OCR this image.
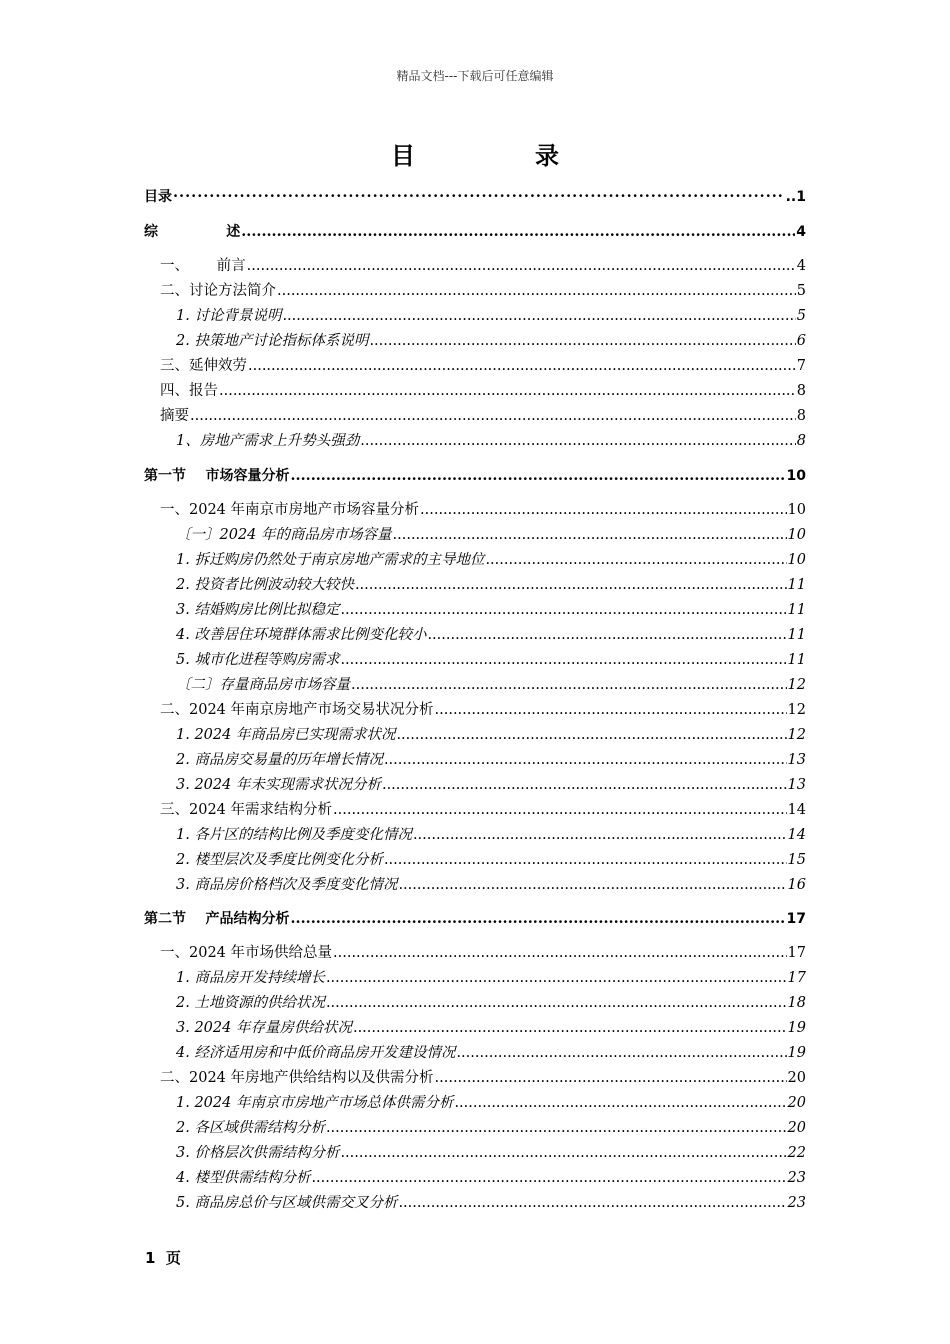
精品文档---下载后可任意编辑
目	录
目录 ·····	..1
综              述 .....	4
一、      前言 .....	4
二、讨论方法简介 .....	5
1. 讨论背景说明 .....	5
2. 抉策地产讨论指标体系说明 .....	6
三、延伸效劳 .....	7
四、报告 .....	8
摘要 .....	8
1、房地产需求上升势头强劲 .....	8
第一节    市场容量分析 .....	10
一、2024 年南京市房地产市场容量分析 .....	10
〔一〕2024 年的商品房市场容量 .....	10
1. 拆迁购房仍然处于南京房地产需求的主导地位 .....	10
2. 投资者比例波动较大较快 .....	11
3. 结婚购房比例比拟稳定 .....	11
4. 改善居住环境群体需求比例变化较小 .....	11
5. 城市化进程等购房需求 .....	11
〔二〕存量商品房市场容量 .....	12
二、2024 年南京房地产市场交易状况分析 .....	12
1. 2024 年商品房已实现需求状况 .....	12
2. 商品房交易量的历年增长情况 .....	13
3. 2024 年未实现需求状况分析 .....	13
三、2024 年需求结构分析 .....	14
1. 各片区的结构比例及季度变化情况 .....	14
2. 楼型层次及季度比例变化分析 .....	15
3. 商品房价格档次及季度变化情况 .....	16
第二节    产品结构分析 .....	17
一、2024 年市场供给总量 .....	17
1. 商品房开发持续增长 .....	17
2. 土地资源的供给状况 .....	18
3. 2024 年存量房供给状况 .....	19
4. 经济适用房和中低价商品房开发建设情况 .....	19
二、2024 年房地产供给结构以及供需分析 .....	20
1. 2024 年南京市房地产市场总体供需分析 .....	20
2. 各区域供需结构分析 .....	20
3. 价格层次供需结构分析 .....	22
4. 楼型供需结构分析 .....	23
5. 商品房总价与区域供需交叉分析 .....	23
1  页
